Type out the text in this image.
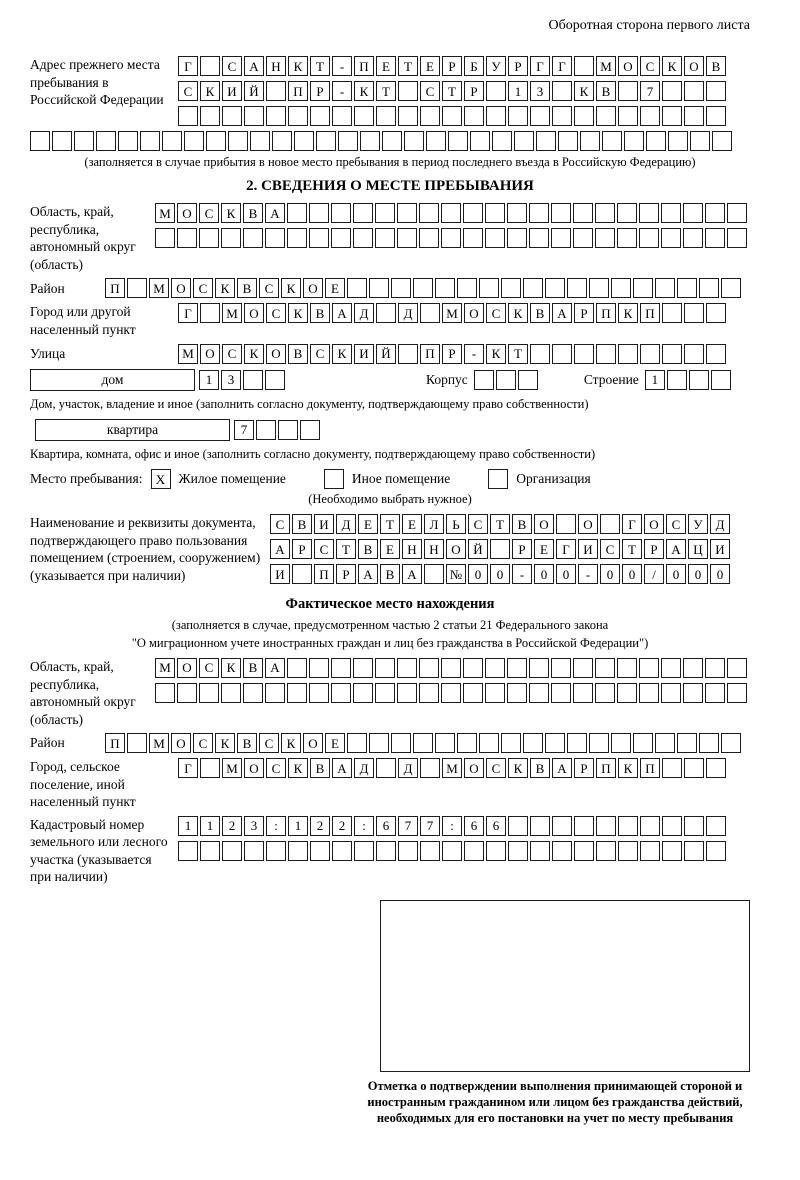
Оборотная сторона первого листа
Адрес прежнего места пребывания в Российской Федерации
Г	С А Н К	Т	-	П	Е	Т	Е	Р	Б	У	Р	Г	Г	М О С	К О В
С	К И Й	П	Р	-	К	Т	С	Т	Р	1	3	К	В	7
(заполняется в случае прибытия в новое место пребывания в период последнего въезда в Российскую Федерацию)
2. СВЕДЕНИЯ О МЕСТЕ ПРЕБЫВАНИЯ
Область, край, республика, автономный округ (область)
М О С	К	В А
Район	П	М О С	К	В	С	К О	Е
Город или другой населенный пункт
Г	М О С	К	В А Д	Д	М О С	К	В А	Р	П К П
Улица	М О С	К О В	С	К И Й	П	Р	-	К	Т
дом	1	3	Корпус	Строение 1
Дом, участок, владение и иное (заполнить согласно документу, подтверждающему право собственности)
квартира	7
Квартира, комната, офис и иное (заполнить согласно документу, подтверждающему право собственности)
Место пребывания:	X Жилое помещение	Иное помещение	Организация
(Необходимо выбрать нужное)
Наименование и реквизиты документа, подтверждающего право пользования помещением (строением, сооружением) (указывается при наличии)
С	В И Д	Е	Т	Е	Л	Ь	С	Т	В О	О	Г	О С	У Д
А	Р	С	Т	В	Е	Н Н О Й	Р	Е	Г	И С	Т	Р	А Ц И
И	П	Р	А В А	№ 0	0	-	0	0	-	0	0	/	0	0	0
Фактическое место нахождения
(заполняется в случае, предусмотренном частью 2 статьи 21 Федерального закона
"О миграционном учете иностранных граждан и лиц без гражданства в Российской Федерации")
Область, край, республика, автономный округ (область)
М О С	К	В А
Район	П	М О С	К	В	С	К О	Е
Город, сельское поселение, иной населенный пункт
Г	М О С	К	В А Д	Д	М О С	К	В А	Р	П К П
Кадастровый номер земельного или лесного участка (указывается при наличии)
1	1	2	3	:	1	2	2	:	6	7	7	:	6	6
Отметка о подтверждении выполнения принимающей стороной и иностранным гражданином или лицом без гражданства действий, необходимых для его постановки на учет по месту пребывания
